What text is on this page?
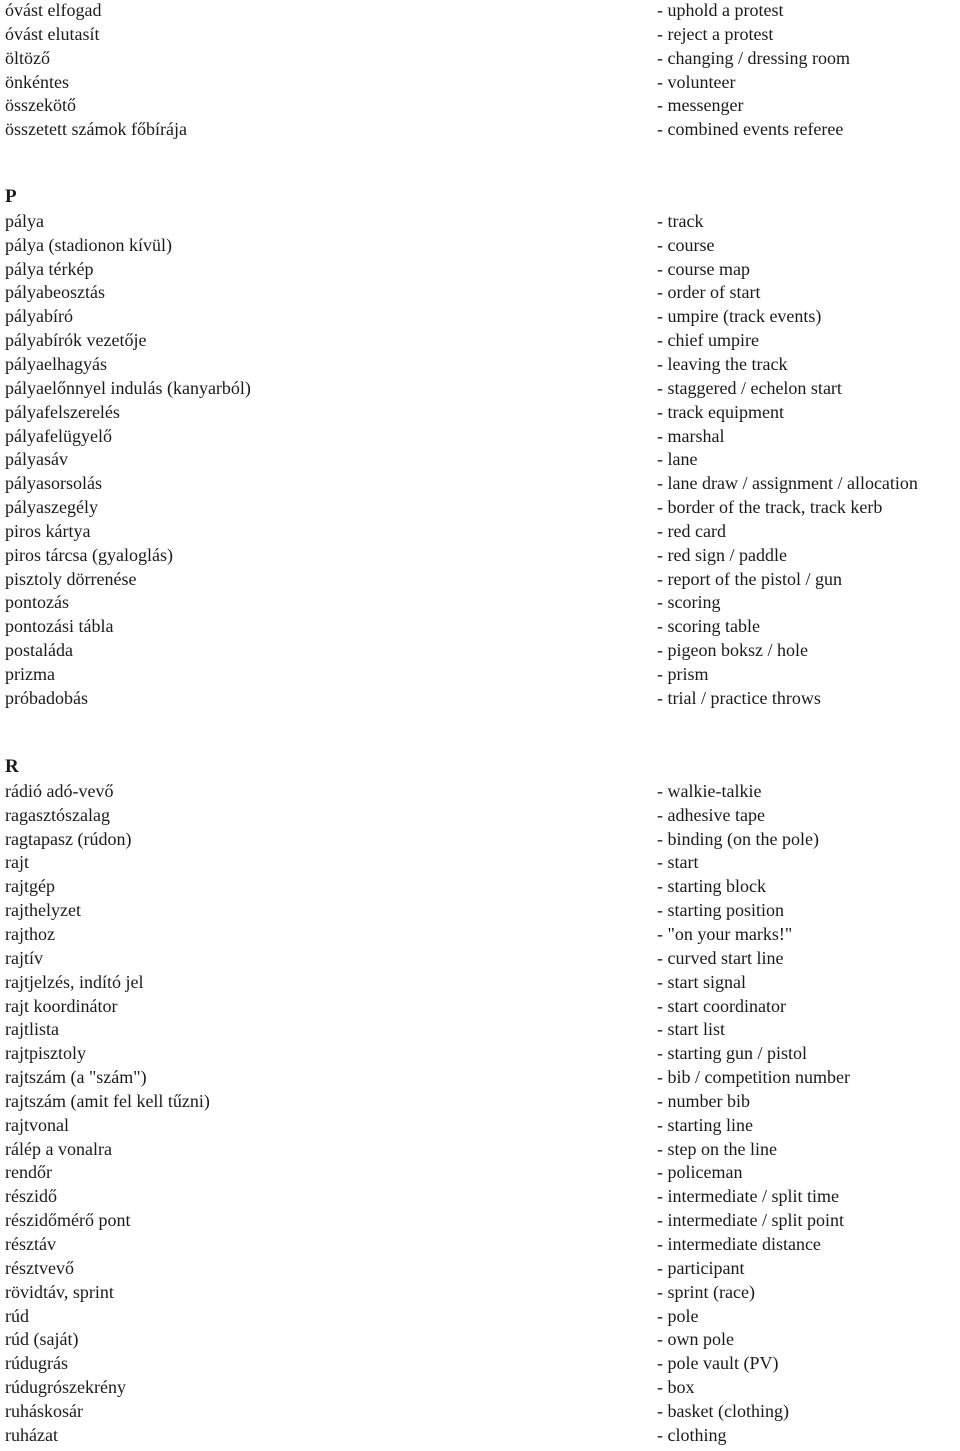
óvást elfogad	- uphold a protest
óvást elutasít	- reject a protest
öltöző	- changing / dressing room
önkéntes	- volunteer
összekötő	- messenger
összetett számok főbírája	- combined events referee
P
pálya	- track
pálya (stadionon kívül)	- course
pálya térkép	- course map
pályabeosztás	- order of start
pályabíró	- umpire (track events)
pályabírók vezetője	- chief umpire
pályaelhagyás	- leaving the track
pályaelőnnyel indulás (kanyarból)	- staggered / echelon start
pályafelszerelés	- track equipment
pályafelügyelő	- marshal
pályasáv	- lane
pályasorsolás	- lane draw / assignment / allocation
pályaszegély	- border of the track, track kerb
piros kártya	- red card
piros tárcsa (gyaloglás)	- red sign / paddle
pisztoly dörrenése	- report of the pistol / gun
pontozás	- scoring
pontozási tábla	- scoring table
postaláda	- pigeon boksz / hole
prizma	- prism
próbadobás	- trial / practice throws
R
rádió adó-vevő	- walkie-talkie
ragasztószalag	- adhesive tape
ragtapasz (rúdon)	- binding (on the pole)
rajt	- start
rajtgép	- starting block
rajthelyzet	- starting position
rajthoz	- "on your marks!"
rajtív	- curved start line
rajtjelzés, indító jel	- start signal
rajt koordinátor	- start coordinator
rajtlista	- start list
rajtpisztoly	- starting gun / pistol
rajtszám (a "szám")	- bib / competition number
rajtszám (amit fel kell tűzni)	- number bib
rajtvonal	- starting line
rálép a vonalra	- step on the line
rendőr	- policeman
részidő	- intermediate / split time
részidőmérő pont	- intermediate / split point
résztáv	- intermediate distance
résztvevő	- participant
rövidtáv, sprint	- sprint (race)
rúd	- pole
rúd (saját)	- own pole
rúdugrás	- pole vault (PV)
rúdugrószekrény	- box
ruháskosár	- basket (clothing)
ruházat	- clothing
